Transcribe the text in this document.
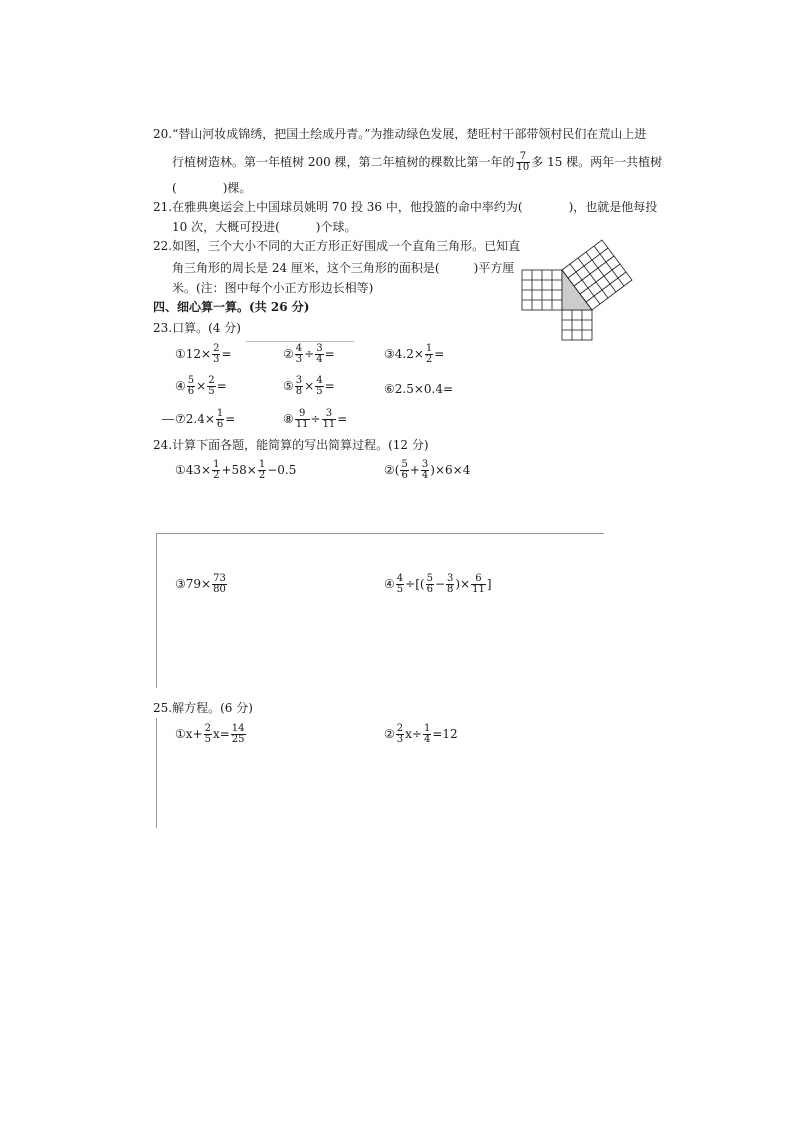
20.“替山河妆成锦绣，把国土绘成丹青。”为推动绿色发展，楚旺村干部带领村民们在荒山上进
行植树造林。第一年植树 200 棵，第二年植树的棵数比第一年的 $\frac{7}{10}$ 多 15 棵。两年一共植树
(	)棵。
21.在雅典奥运会上中国球员姚明 70 投 36 中，他投篮的命中率约为(	)，也就是他每投
10 次，大概可投进(	)个球。
22.如图，三个大小不同的大正方形正好围成一个直角三角形。已知直
角三角形的周长是 24 厘米，这个三角形的面积是(	)平方厘
米。(注：图中每个小正方形边长相等)
四、细心算一算。(共 26 分)
23.口算。(4 分)
①12× $\frac{2}{3}$ =	② $\frac{4}{3} \div \frac{3}{4}$ =	③4.2× $\frac{1}{2}$ =
④ $\frac{5}{6} \times \frac{2}{5}$ =	⑤ $\frac{3}{8} \times \frac{4}{5}$ =	⑥2.5×0.4=
⑦2.4× $\frac{1}{6}$ =	⑧ $\frac{9}{11} \div \frac{3}{11}$ =
24.计算下面各题，能简算的写出简算过程。(12 分)
①43× $\frac{1}{2} +58\times \frac{1}{2} -0.5$	②( $\frac{5}{6} + \frac{3}{4} )\times 6\times 4$
③79× $\frac{73}{80}$	④ $\frac{4}{5}$ ÷[( $\frac{5}{6} - \frac{3}{8}$ )× $\frac{6}{11}$ ]
25.解方程。(6 分)
①x+ $\frac{2}{5} x= \frac{14}{25}$	② $\frac{2}{3} x\div \frac{1}{4} =12$
